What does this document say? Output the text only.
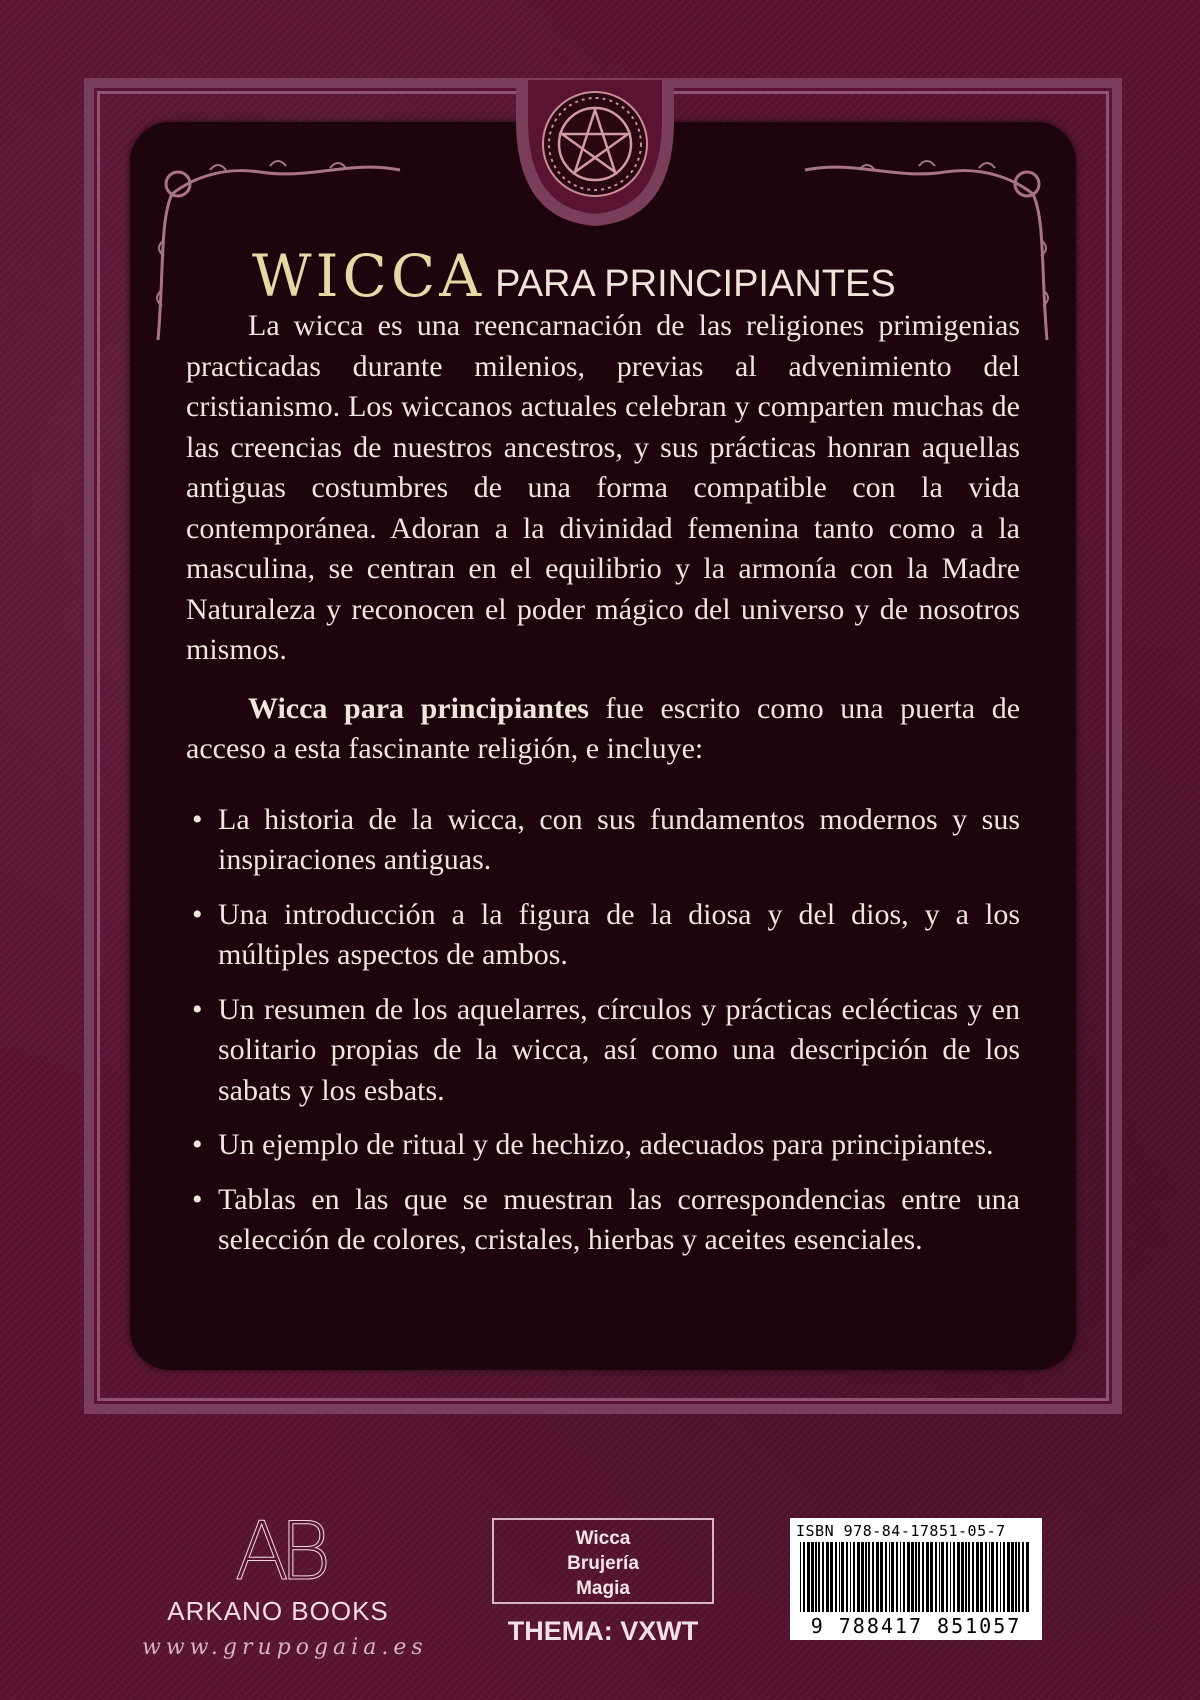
WICCA PARA PRINCIPIANTES

La wicca es una reencarnación de las religiones primigenias practicadas durante milenios, previas al advenimiento del cristianismo. Los wiccanos actuales celebran y comparten muchas de las creencias de nuestros ancestros, y sus prácticas honran aquellas antiguas costumbres de una forma compatible con la vida contemporánea. Adoran a la divinidad femenina tanto como a la masculina, se centran en el equilibrio y la armonía con la Madre Naturaleza y reconocen el poder mágico del universo y de nosotros mismos.

Wicca para principiantes fue escrito como una puerta de acceso a esta fascinante religión, e incluye:

• La historia de la wicca, con sus fundamentos modernos y sus inspiraciones antiguas.
• Una introducción a la figura de la diosa y del dios, y a los múltiples aspectos de ambos.
• Un resumen de los aquelarres, círculos y prácticas eclécticas y en solitario propias de la wicca, así como una descripción de los sabats y los esbats.
• Un ejemplo de ritual y de hechizo, adecuados para principiantes.
• Tablas en las que se muestran las correspondencias entre una selección de colores, cristales, hierbas y aceites esenciales.
AB
ARKANO BOOKS
www.grupogaia.es
Wicca
Brujería
Magia
THEMA: VXWT
ISBN 978-84-17851-05-7
9 788417 851057
